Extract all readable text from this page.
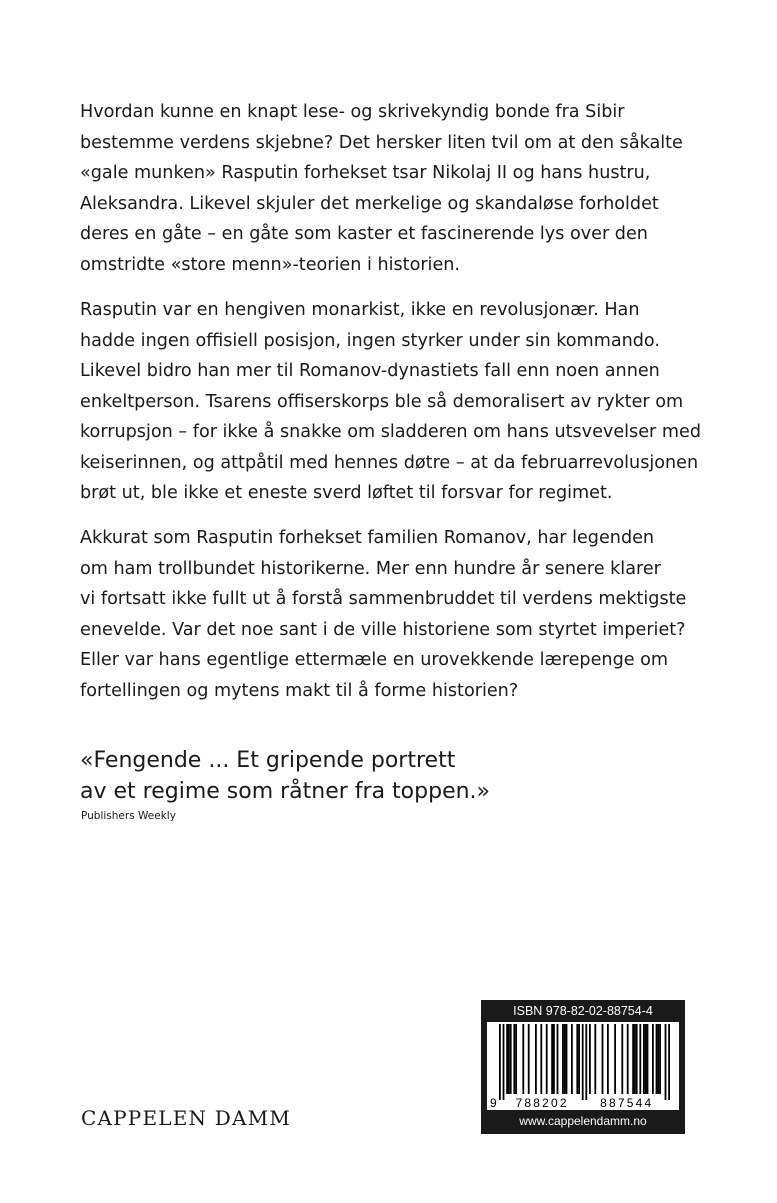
Hvordan kunne en knapt lese- og skrivekyndig bonde fra Sibir
bestemme verdens skjebne? Det hersker liten tvil om at den såkalte
«gale munken» Rasputin forhekset tsar Nikolaj II og hans hustru,
Aleksandra. Likevel skjuler det merkelige og skandaløse forholdet
deres en gåte – en gåte som kaster et fascinerende lys over den
omstridte «store menn»-teorien i historien.

Rasputin var en hengiven monarkist, ikke en revolusjonær. Han
hadde ingen offisiell posisjon, ingen styrker under sin kommando.
Likevel bidro han mer til Romanov-dynastiets fall enn noen annen
enkeltperson. Tsarens offiserskorps ble så demoralisert av rykter om
korrupsjon – for ikke å snakke om sladderen om hans utsvevelser med
keiserinnen, og attpåtil med hennes døtre – at da februarrevolusjonen
brøt ut, ble ikke et eneste sverd løftet til forsvar for regimet.

Akkurat som Rasputin forhekset familien Romanov, har legenden
om ham trollbundet historikerne. Mer enn hundre år senere klarer
vi fortsatt ikke fullt ut å forstå sammenbruddet til verdens mektigste
enevelde. Var det noe sant i de ville historiene som styrtet imperiet?
Eller var hans egentlige ettermæle en urovekkende lærepenge om
fortellingen og mytens makt til å forme historien?

«Fengende ... Et gripende portrett
av et regime som råtner fra toppen.»

Publishers Weekly
CAPPELEN DAMM
ISBN 978-82-02-88754-4
9 788202	887544
www.cappelendamm.no
